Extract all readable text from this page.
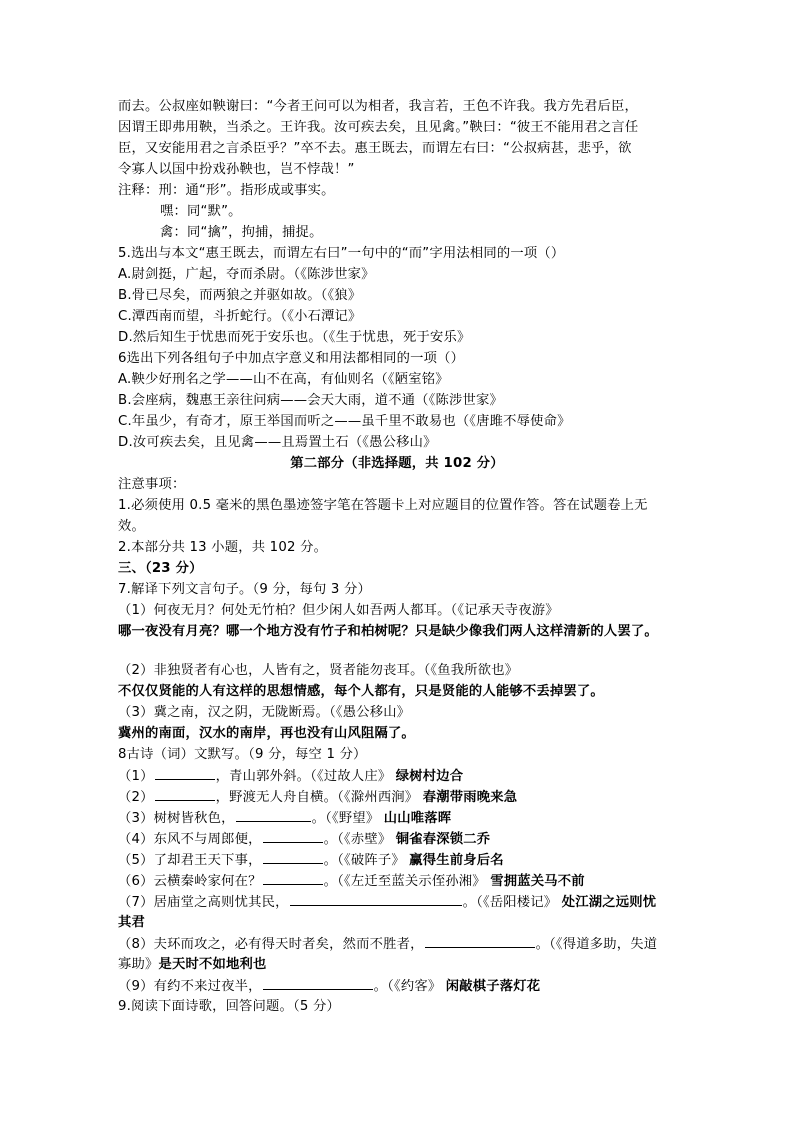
而去。公叔座如鞅谢曰：“今者王问可以为相者，我言若，王色不许我。我方先君后臣，
因谓王即弗用鞅，当杀之。王许我。汝可疾去矣，且见禽。”鞅曰：“彼王不能用君之言任
臣，又安能用君之言杀臣乎？”卒不去。惠王既去，而谓左右曰：“公叔病甚，悲乎，欲
令寡人以国中扮戏孙鞅也，岂不悖哉！”
注释：刑：通“形”。指形成或事实。
嘿：同“默”。
禽：同“擒”，拘捕，捕捉。
5.选出与本文“惠王既去，而谓左右曰”一句中的“而”字用法相同的一项（）
A.尉剑挺，广起，夺而杀尉。（《陈涉世家》
B.骨已尽矣，而两狼之并驱如故。（《狼》
C.潭西南而望，斗折蛇行。（《小石潭记》
D.然后知生于忧患而死于安乐也。（《生于忧患，死于安乐》
6选出下列各组句子中加点字意义和用法都相同的一项（）
A.鞅少好刑名之学——山不在高，有仙则名（《陋室铭》
B.会座病，魏惠王亲往问病——会天大雨，道不通（《陈涉世家》
C.年虽少，有奇才，原王举国而听之——虽千里不敢易也（《唐雎不辱使命》
D.汝可疾去矣，且见禽——且焉置土石（《愚公移山》
第二部分（非选择题，共 102 分）
注意事项：
1.必须使用 0.5 毫米的黑色墨迹签字笔在答题卡上对应题目的位置作答。答在试题卷上无
效。
2.本部分共 13 小题，共 102 分。
三、（23 分）
7.解译下列文言句子。（9 分，每句 3 分）
（1）何夜无月？何处无竹柏？但少闲人如吾两人都耳。（《记承天寺夜游》
哪一夜没有月亮？哪一个地方没有竹子和柏树呢？只是缺少像我们两人这样清新的人罢了。
（2）非独贤者有心也，人皆有之，贤者能勿丧耳。（《鱼我所欲也》
不仅仅贤能的人有这样的思想情感，每个人都有，只是贤能的人能够不丢掉罢了。
（3）冀之南，汉之阴，无陇断焉。（《愚公移山》
冀州的南面，汉水的南岸，再也没有山风阻隔了。
8古诗（词）文默写。（9 分，每空 1 分）
（1）	，青山郭外斜。（《过故人庄》 绿树村边合
（2）	，野渡无人舟自横。（《滁州西涧》 春潮带雨晚来急
（3）树树皆秋色，	。（《野望》 山山唯落晖
（4）东风不与周郎便，	。（《赤壁》 铜雀春深锁二乔
（5）了却君王天下事，	。（《破阵子》 赢得生前身后名
（6）云横秦岭家何在？	。（《左迁至蓝关示侄孙湘》 雪拥蓝关马不前
（7）居庙堂之高则忧其民，	。（《岳阳楼记》 处江湖之远则忧
其君
（8）夫环而攻之，必有得天时者矣，然而不胜者，	。（《得道多助，失道
寡助》是天时不如地利也
（9）有约不来过夜半，	。（《约客》 闲敲棋子落灯花
9.阅读下面诗歌，回答问题。（5 分）
